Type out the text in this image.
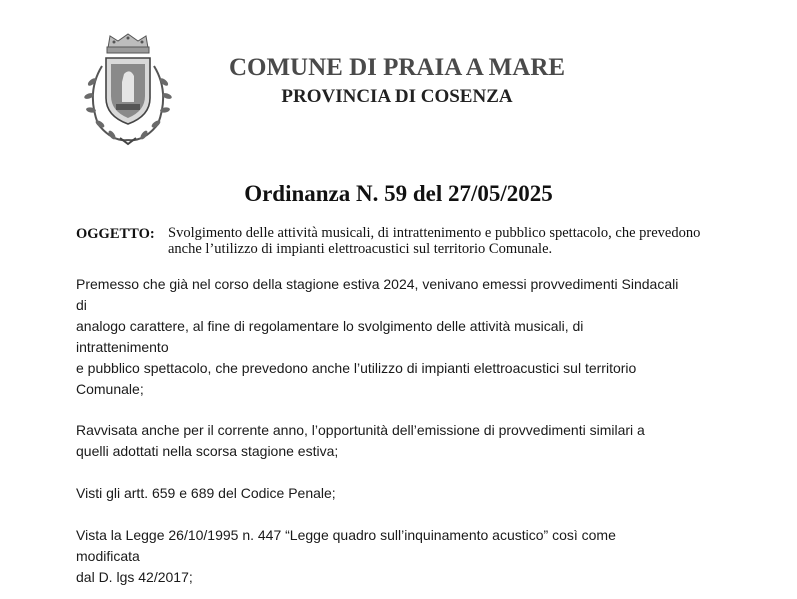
COMUNE DI PRAIA A MARE
PROVINCIA DI COSENZA
Ordinanza N. 59 del 27/05/2025
OGGETTO: Svolgimento delle attività musicali, di intrattenimento e pubblico spettacolo, che prevedono
anche l’utilizzo di impianti elettroacustici sul territorio Comunale.
Premesso che già nel corso della stagione estiva 2024, venivano emessi provvedimenti Sindacali
di
analogo carattere, al fine di regolamentare lo svolgimento delle attività musicali, di
intrattenimento
e pubblico spettacolo, che prevedono anche l’utilizzo di impianti elettroacustici sul territorio
Comunale;
Ravvisata anche per il corrente anno, l’opportunità dell’emissione di provvedimenti similari a
quelli adottati nella scorsa stagione estiva;
Visti gli artt. 659 e 689 del Codice Penale;
Vista la Legge 26/10/1995 n. 447 “Legge quadro sull’inquinamento acustico” così come
modificata
dal D. lgs 42/2017;
